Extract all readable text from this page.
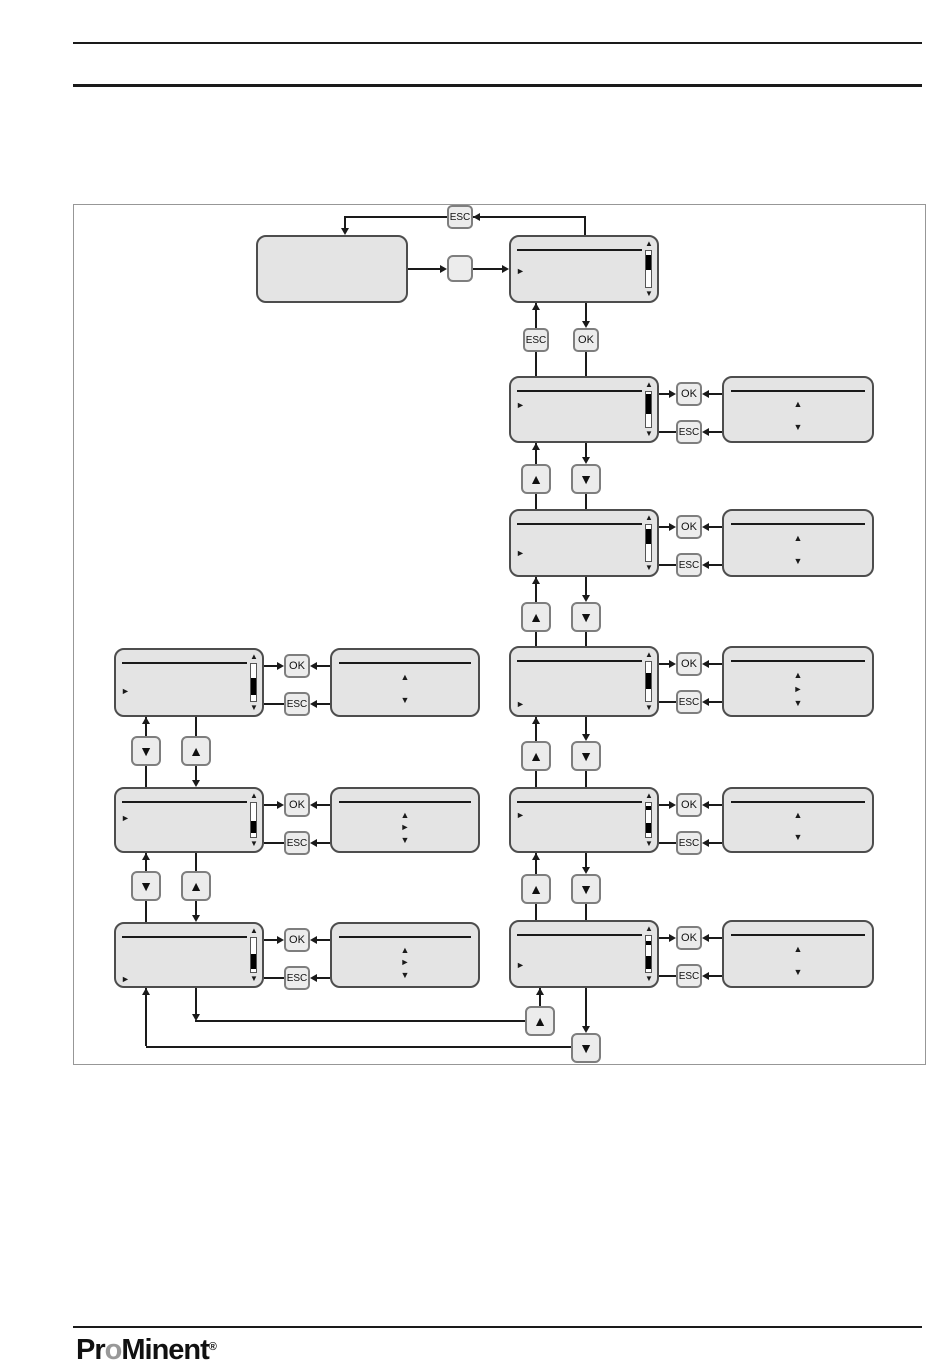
ESC
►
▲
▼
ESC	OK
►
▲
▼
OK
ESC
▲
▼
▲	▼
►
▲
▼
OK
ESC
▲
▼
▲	▼
►
▲
▼
OK
ESC
▲
►
▼
▲	▼
►
▲
▼
OK
ESC
▲
▼
▲	▼
►
▲
▼
OK
ESC
▲
▼
►
▲
▼
OK
ESC
▲
▼
▼	▲
►
▲
▼
OK
ESC
▲
►
▼
▼	▲
►
▲
▼
OK
ESC
▲
►
▼
▲
▼
ProMinent®
